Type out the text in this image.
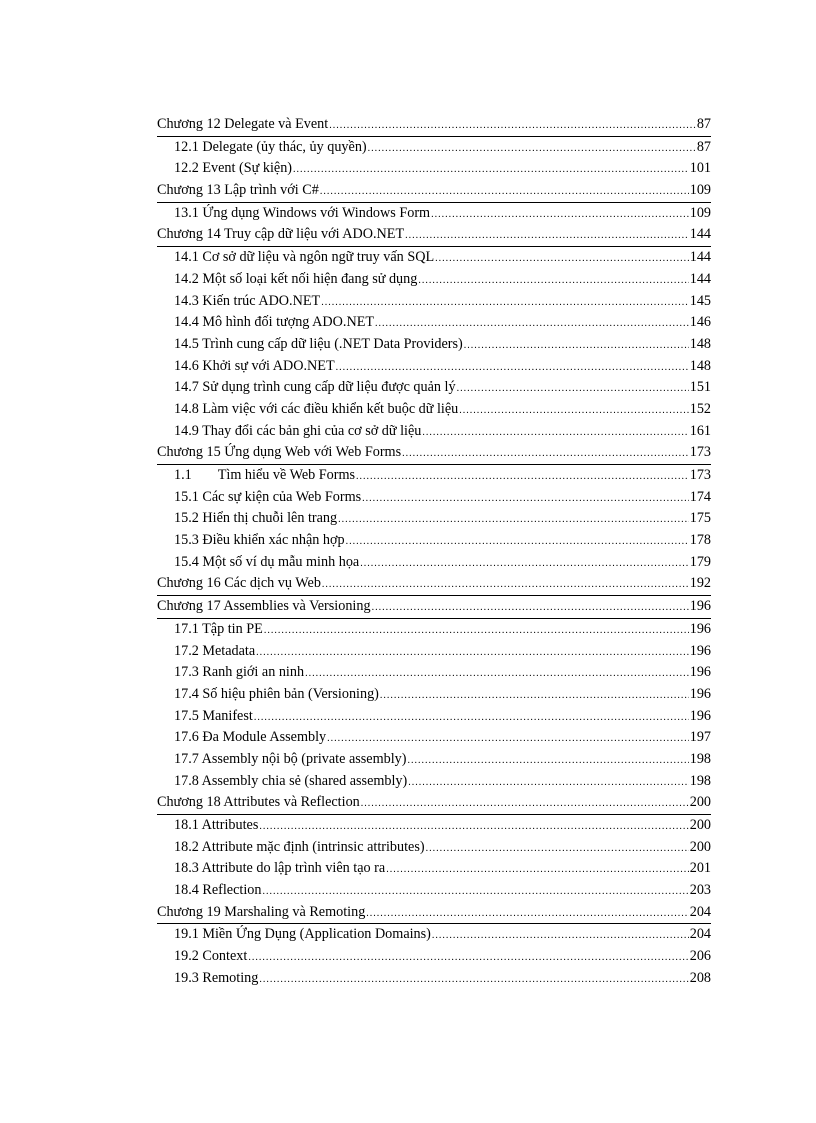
Chương 12 Delegate và Event .....	87
12.1 Delegate (ủy thác, ủy quyền) .....	87
12.2 Event (Sự kiện) .....	101
Chương 13 Lập trình với C# .....	109
13.1 Ứng dụng Windows với Windows Form .....	109
Chương 14 Truy cập dữ liệu với ADO.NET .....	144
14.1 Cơ sở dữ liệu và ngôn ngữ truy vấn SQL .....	144
14.2 Một số loại kết nối hiện đang sử dụng .....	144
14.3 Kiến trúc ADO.NET .....	145
14.4 Mô hình đối tượng ADO.NET .....	146
14.5 Trình cung cấp dữ liệu (.NET Data Providers) .....	148
14.6 Khởi sự với ADO.NET .....	148
14.7 Sử dụng trình cung cấp dữ liệu được quản lý .....	151
14.8 Làm việc với các điều khiển kết buộc dữ liệu .....	152
14.9 Thay đổi các bản ghi của cơ sở dữ liệu .....	161
Chương 15 Ứng dụng Web với Web Forms .....	173
1.1 Tìm hiểu về Web Forms .....	173
15.1 Các sự kiện của Web Forms .....	174
15.2 Hiển thị chuỗi lên trang .....	175
15.3 Điều khiển xác nhận hợp .....	178
15.4 Một số ví dụ mẫu minh họa .....	179
Chương 16 Các dịch vụ Web .....	192
Chương 17 Assemblies và Versioning .....	196
17.1 Tập tin PE .....	196
17.2 Metadata .....	196
17.3 Ranh giới an ninh .....	196
17.4 Số hiệu phiên bản (Versioning) .....	196
17.5 Manifest .....	196
17.6 Đa Module Assembly .....	197
17.7 Assembly nội bộ (private assembly) .....	198
17.8 Assembly chia sẻ (shared assembly) .....	198
Chương 18 Attributes và Reflection .....	200
18.1 Attributes .....	200
18.2 Attribute mặc định (intrinsic attributes) .....	200
18.3 Attribute do lập trình viên tạo ra .....	201
18.4 Reflection .....	203
Chương 19 Marshaling và Remoting .....	204
19.1 Miền Ứng Dụng (Application Domains) .....	204
19.2 Context .....	206
19.3 Remoting .....	208
